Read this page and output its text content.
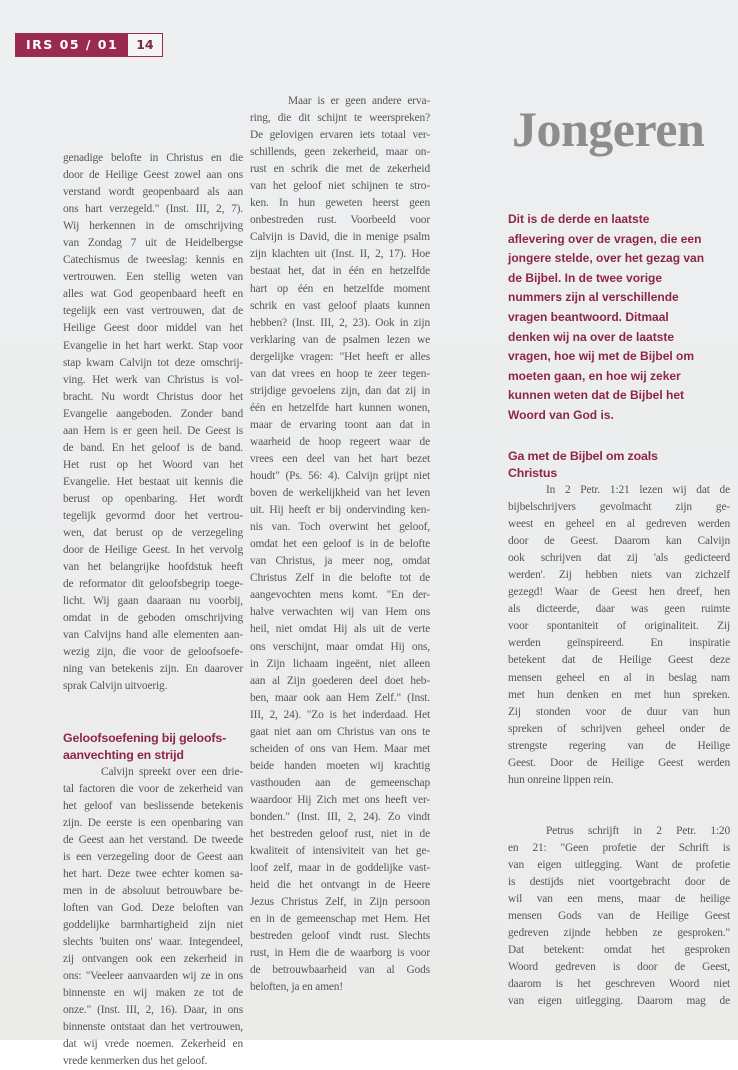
IRS 05 / 01	14
genadige belofte in Christus en die
door de Heilige Geest zowel aan ons
verstand wordt geopenbaard als aan
ons hart verzegeld." (Inst. III, 2, 7).
Wij herkennen in de omschrijving
van Zondag 7 uit de Heidelbergse
Catechismus de tweeslag: kennis en
vertrouwen. Een stellig weten van
alles wat God geopenbaard heeft en
tegelijk een vast vertrouwen, dat de
Heilige Geest door middel van het
Evangelie in het hart werkt. Stap voor
stap kwam Calvijn tot deze omschrij-
ving. Het werk van Christus is vol-
bracht. Nu wordt Christus door het
Evangelie aangeboden. Zonder band
aan Hem is er geen heil. De Geest is
de band. En het geloof is de band.
Het rust op het Woord van het
Evangelie. Het bestaat uit kennis die
berust op openbaring. Het wordt
tegelijk gevormd door het vertrou-
wen, dat berust op de verzegeling
door de Heilige Geest. In het vervolg
van het belangrijke hoofdstuk heeft
de reformator dit geloofsbegrip toege-
licht. Wij gaan daaraan nu voorbij,
omdat in de geboden omschrijving
van Calvijns hand alle elementen aan-
wezig zijn, die voor de geloofsoefe-
ning van betekenis zijn. En daarover
sprak Calvijn uitvoerig.
Geloofsoefening bij geloofs-
aanvechting en strijd
Calvijn spreekt over een drie-
tal factoren die voor de zekerheid van
het geloof van beslissende betekenis
zijn. De eerste is een openbaring van
de Geest aan het verstand. De tweede
is een verzegeling door de Geest aan
het hart. Deze twee echter komen sa-
men in de absoluut betrouwbare be-
loften van God. Deze beloften van
goddelijke barmhartigheid zijn niet
slechts 'buiten ons' waar. Integendeel,
zij ontvangen ook een zekerheid in
ons: "Veeleer aanvaarden wij ze in ons
binnenste en wij maken ze tot de
onze." (Inst. III, 2, 16). Daar, in ons
binnenste ontstaat dan het vertrouwen,
dat wij vrede noemen. Zekerheid en
vrede kenmerken dus het geloof.
Maar is er geen andere erva-
ring, die dit schijnt te weerspreken?
De gelovigen ervaren iets totaal ver-
schillends, geen zekerheid, maar on-
rust en schrik die met de zekerheid
van het geloof niet schijnen te stro-
ken. In hun geweten heerst geen
onbestreden rust. Voorbeeld voor
Calvijn is David, die in menige psalm
zijn klachten uit (Inst. II, 2, 17). Hoe
bestaat het, dat in één en hetzelfde
hart op één en hetzelfde moment
schrik en vast geloof plaats kunnen
hebben? (Inst. III, 2, 23). Ook in zijn
verklaring van de psalmen lezen we
dergelijke vragen: "Het heeft er alles
van dat vrees en hoop te zeer tegen-
strijdige gevoelens zijn, dan dat zij in
één en hetzelfde hart kunnen wonen,
maar de ervaring toont aan dat in
waarheid de hoop regeert waar de
vrees een deel van het hart bezet
houdt" (Ps. 56: 4). Calvijn grijpt niet
boven de werkelijkheid van het leven
uit. Hij heeft er bij ondervinding ken-
nis van. Toch overwint het geloof,
omdat het een geloof is in de belofte
van Christus, ja meer nog, omdat
Christus Zelf in die belofte tot de
aangevochten mens komt. "En der-
halve verwachten wij van Hem ons
heil, niet omdat Hij als uit de verte
ons verschijnt, maar omdat Hij ons,
in Zijn lichaam ingeënt, niet alleen
aan al Zijn goederen deel doet heb-
ben, maar ook aan Hem Zelf." (Inst.
III, 2, 24). "Zo is het inderdaad. Het
gaat niet aan om Christus van ons te
scheiden of ons van Hem. Maar met
beide handen moeten wij krachtig
vasthouden aan de gemeenschap
waardoor Hij Zich met ons heeft ver-
bonden." (Inst. III, 2, 24). Zo vindt
het bestreden geloof rust, niet in de
kwaliteit of intensiviteit van het ge-
loof zelf, maar in de goddelijke vast-
heid die het ontvangt in de Heere
Jezus Christus Zelf, in Zijn persoon
en in de gemeenschap met Hem. Het
bestreden geloof vindt rust. Slechts
rust, in Hem die de waarborg is voor
de betrouwbaarheid van al Gods
beloften, ja en amen!
Jongeren
Dit is de derde en laatste
aflevering over de vragen, die een
jongere stelde, over het gezag van
de Bijbel. In de twee vorige
nummers zijn al verschillende
vragen beantwoord. Ditmaal
denken wij na over de laatste
vragen, hoe wij met de Bijbel om
moeten gaan, en hoe wij zeker
kunnen weten dat de Bijbel het
Woord van God is.
Ga met de Bijbel om zoals
Christus
In 2 Petr. 1:21 lezen wij dat de
bijbelschrijvers gevolmacht zijn ge-
weest en geheel en al gedreven werden
door de Geest. Daarom kan Calvijn
ook schrijven dat zij 'als gedicteerd
werden'. Zij hebben niets van zichzelf
gezegd! Waar de Geest hen dreef, hen
als dicteerde, daar was geen ruimte
voor spontaniteit of originaliteit. Zij
werden geïnspireerd. En inspiratie
betekent dat de Heilige Geest deze
mensen geheel en al in beslag nam
met hun denken en met hun spreken.
Zij stonden voor de duur van hun
spreken of schrijven geheel onder de
strengste regering van de Heilige
Geest. Door de Heilige Geest werden
hun onreine lippen rein.
Petrus schrijft in 2 Petr. 1:20
en 21: "Geen profetie der Schrift is
van eigen uitlegging. Want de profetie
is destijds niet voortgebracht door de
wil van een mens, maar de heilige
mensen Gods van de Heilige Geest
gedreven zijnde hebben ze gesproken."
Dat betekent: omdat het gesproken
Woord gedreven is door de Geest,
daarom is het geschreven Woord niet
van eigen uitlegging. Daarom mag de
